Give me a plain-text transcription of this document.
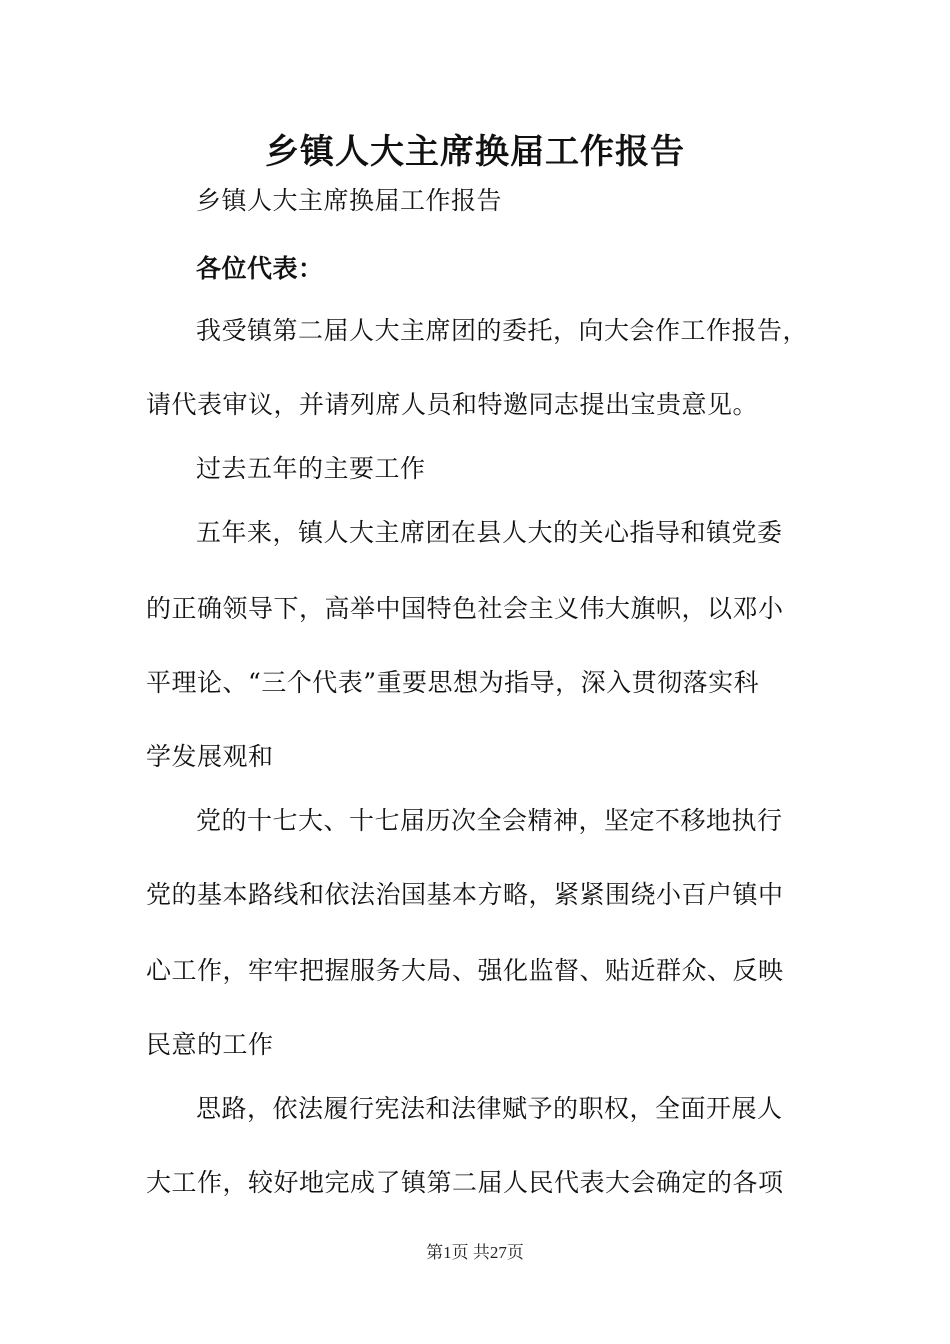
乡镇人大主席换届工作报告
乡镇人大主席换届工作报告
各位代表：
我受镇第二届人大主席团的委托，向大会作工作报告，
请代表审议，并请列席人员和特邀同志提出宝贵意见。
过去五年的主要工作
五年来，镇人大主席团在县人大的关心指导和镇党委
的正确领导下，高举中国特色社会主义伟大旗帜，以邓小
平理论、“三个代表”重要思想为指导，深入贯彻落实科
学发展观和
党的十七大、十七届历次全会精神，坚定不移地执行
党的基本路线和依法治国基本方略，紧紧围绕小百户镇中
心工作，牢牢把握服务大局、强化监督、贴近群众、反映
民意的工作
思路，依法履行宪法和法律赋予的职权，全面开展人
大工作，较好地完成了镇第二届人民代表大会确定的各项
第1页 共27页
